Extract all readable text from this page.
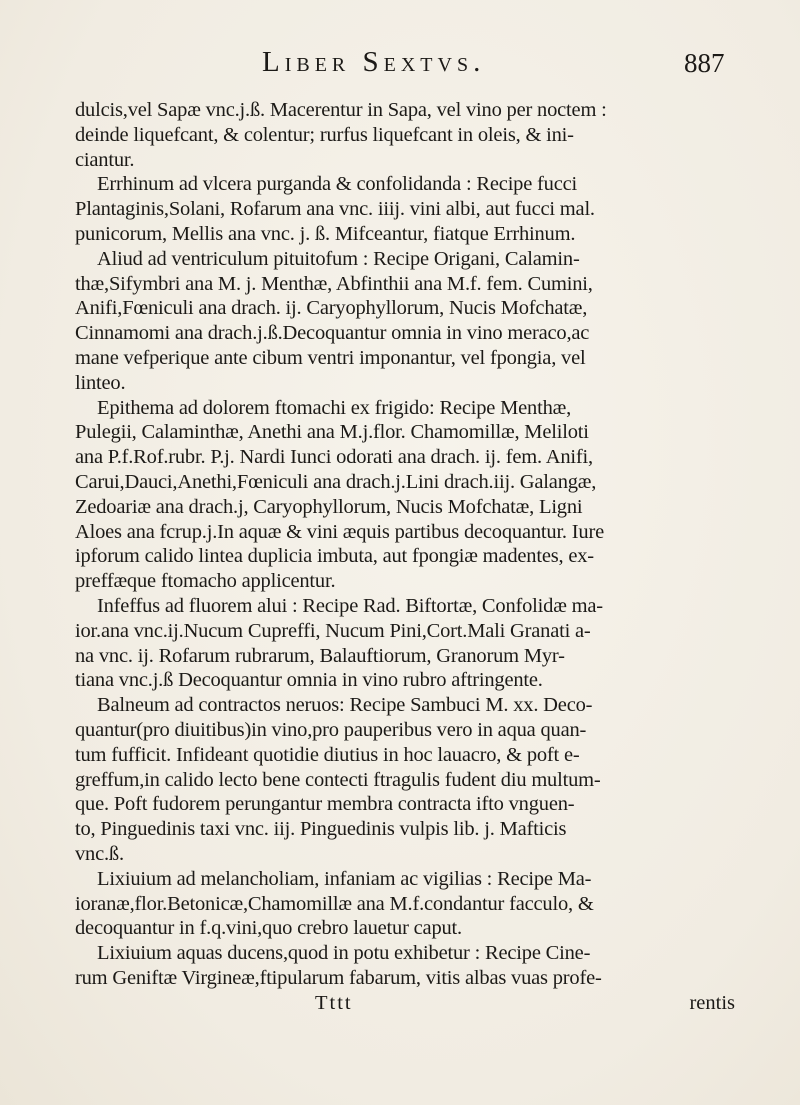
Liber Sextvs.	887
dulcis,vel Sapæ vnc.j.ß. Macerentur in Sapa, vel vino per noctem :
deinde liquefcant, & colentur; rurfus liquefcant in oleis, & ini-
ciantur.
Errhinum ad vlcera purganda & confolidanda : Recipe fucci
Plantaginis,Solani, Rofarum ana vnc. iiij. vini albi, aut fucci mal.
punicorum, Mellis ana vnc. j. ß. Mifceantur, fiatque Errhinum.
Aliud ad ventriculum pituitofum : Recipe Origani, Calamin-
thæ,Sifymbri ana M. j. Menthæ, Abfinthii ana M.f. fem. Cumini,
Anifi,Fœniculi ana drach. ij. Caryophyllorum, Nucis Mofchatæ,
Cinnamomi ana drach.j.ß.Decoquantur omnia in vino meraco,ac
mane vefperique ante cibum ventri imponantur, vel fpongia, vel
linteo.
Epithema ad dolorem ftomachi ex frigido: Recipe Menthæ,
Pulegii, Calaminthæ, Anethi ana M.j.flor. Chamomillæ, Meliloti
ana P.f.Rof.rubr. P.j. Nardi Iunci odorati ana drach. ij. fem. Anifi,
Carui,Dauci,Anethi,Fœniculi ana drach.j.Lini drach.iij. Galangæ,
Zedoariæ ana drach.j, Caryophyllorum, Nucis Mofchatæ, Ligni
Aloes ana fcrup.j.In aquæ & vini æquis partibus decoquantur. Iure
ipforum calido lintea duplicia imbuta, aut fpongiæ madentes, ex-
preffæque ftomacho applicentur.
Infeffus ad fluorem alui : Recipe Rad. Biftortæ, Confolidæ ma-
ior.ana vnc.ij.Nucum Cupreffi, Nucum Pini,Cort.Mali Granati a-
na vnc. ij. Rofarum rubrarum, Balauftiorum, Granorum Myr-
tiana vnc.j.ß Decoquantur omnia in vino rubro aftringente.
Balneum ad contractos neruos: Recipe Sambuci M. xx. Deco-
quantur(pro diuitibus)in vino,pro pauperibus vero in aqua quan-
tum fufficit. Infideant quotidie diutius in hoc lauacro, & poft e-
greffum,in calido lecto bene contecti ftragulis fudent diu multum-
que. Poft fudorem perungantur membra contracta ifto vnguen-
to, Pinguedinis taxi vnc. iij. Pinguedinis vulpis lib. j. Mafticis
vnc.ß.
Lixiuium ad melancholiam, infaniam ac vigilias : Recipe Ma-
ioranæ,flor.Betonicæ,Chamomillæ ana M.f.condantur facculo, &
decoquantur in f.q.vini,quo crebro lauetur caput.
Lixiuium aquas ducens,quod in potu exhibetur : Recipe Cine-
rum Geniftæ Virgineæ,ftipularum fabarum, vitis albas vuas profe-
Tttt	rentis
